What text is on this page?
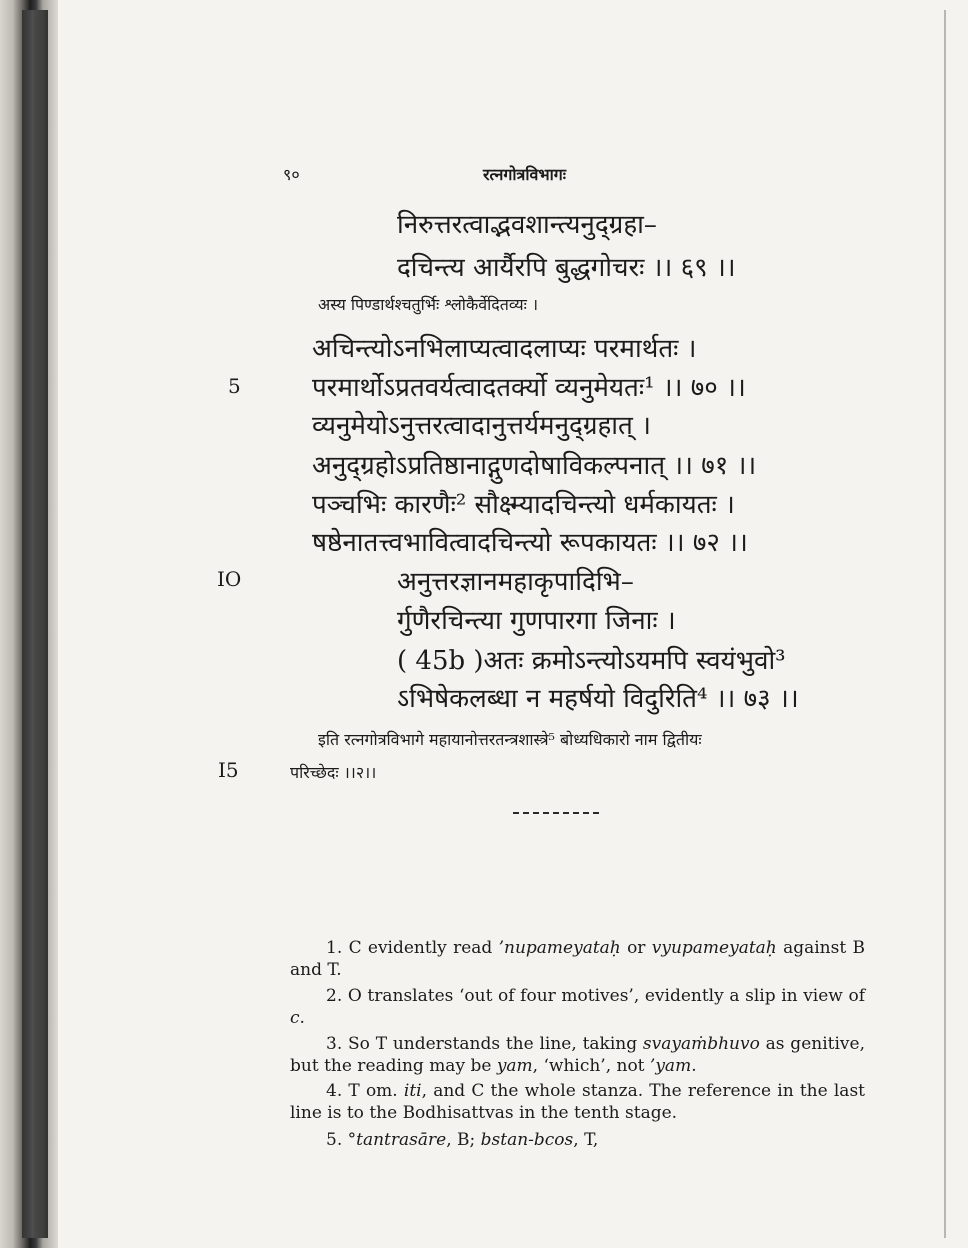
९०	रत्नगोत्रविभागः
निरुत्तरत्वाद्भवशान्त्यनुद्ग्रहा–
दचिन्त्य आर्यैरपि बुद्धगोचरः ।। ६९ ।।
अस्य पिण्डार्थश्चतुर्भिः श्लोकैर्वेदितव्यः ।
अचिन्त्योऽनभिलाप्यत्वादलाप्यः परमार्थतः ।
परमार्थोऽप्रतवर्यत्वादतर्क्यो व्यनुमेयतः¹ ।। ७० ।।
व्यनुमेयोऽनुत्तरत्वादानुत्तर्यमनुद्ग्रहात् ।
अनुद्ग्रहोऽप्रतिष्ठानाद्गुणदोषाविकल्पनात् ।। ७१ ।।
पञ्चभिः कारणैः² सौक्ष्म्यादचिन्त्यो धर्मकायतः ।
षष्ठेनातत्त्वभावित्वादचिन्त्यो रूपकायतः ।। ७२ ।।
अनुत्तरज्ञानमहाकृपादिभि–
र्गुणैरचिन्त्या गुणपारगा जिनाः ।
( 45b )अतः क्रमोऽन्त्योऽयमपि स्वयंभुवो³
ऽभिषेकलब्धा न महर्षयो विदुरिति⁴ ।। ७३ ।।
इति रत्नगोत्रविभागे महायानोत्तरतन्त्रशास्त्रे⁵ बोध्यधिकारो नाम द्वितीयः
परिच्छेदः ।।२।।
5
IO
I5
1. C evidently read ’nupameyataḥ or vyupameyataḥ against B and T.
2. O translates ‘out of four motives’, evidently a slip in view of c.
3. So T understands the line, taking svayaṁbhuvo as genitive, but the reading may be yam, ‘which’, not ’yam.
4. T om. iti, and C the whole stanza. The reference in the last line is to the Bodhisattvas in the tenth stage.
5. °tantrasāre, B; bstan-bcos, T,
